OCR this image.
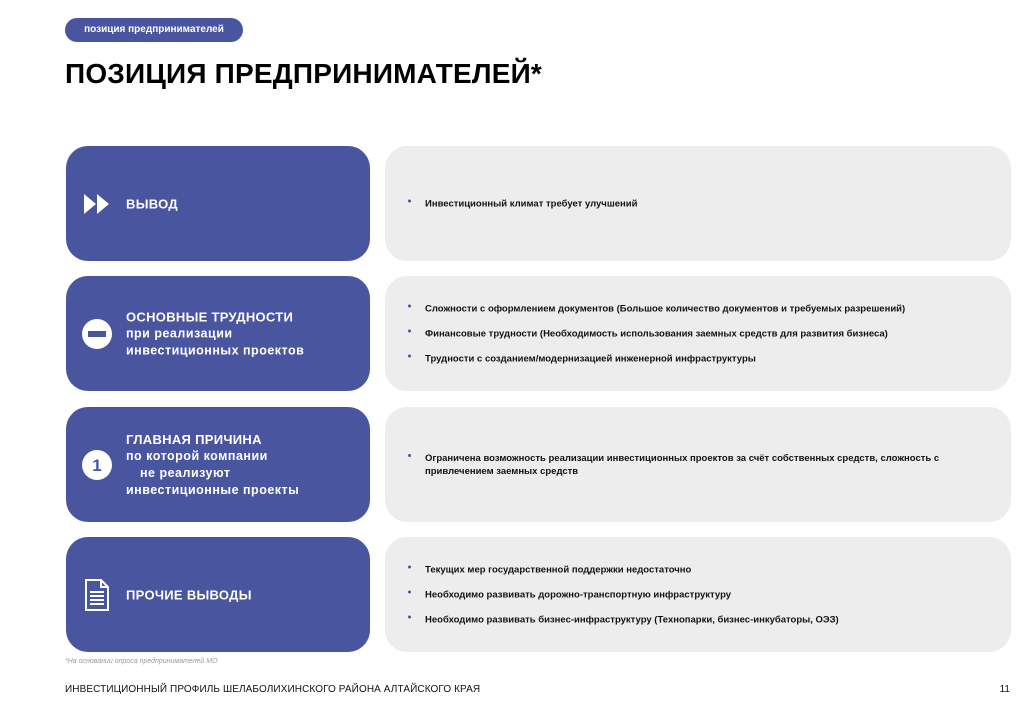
позиция предпринимателей
ПОЗИЦИЯ ПРЕДПРИНИМАТЕЛЕЙ*
ВЫВОД	Инвестиционный климат требует улучшений
ОСНОВНЫЕ ТРУДНОСТИ
при реализации
инвестиционных проектов
Сложности с оформлением документов (Большое количество документов и требуемых разрешений)
Финансовые трудности (Необходимость использования заемных средств для развития бизнеса)
Трудности с созданием/модернизацией инженерной инфраструктуры
1
ГЛАВНАЯ ПРИЧИНА
по которой компании
не реализуют
инвестиционные проекты
Ограничена возможность реализации инвестиционных проектов за счёт собственных средств, сложность с привлечением заемных средств
ПРОЧИЕ ВЫВОДЫ
Текущих мер государственной поддержки недостаточно
Необходимо развивать дорожно-транспортную инфраструктуру
Необходимо развивать бизнес-инфраструктуру (Технопарки, бизнес-инкубаторы, ОЭЗ)
*На основании опроса предпринимателей МО
ИНВЕСТИЦИОННЫЙ ПРОФИЛЬ ШЕЛАБОЛИХИНСКОГО РАЙОНА АЛТАЙСКОГО КРАЯ	11
